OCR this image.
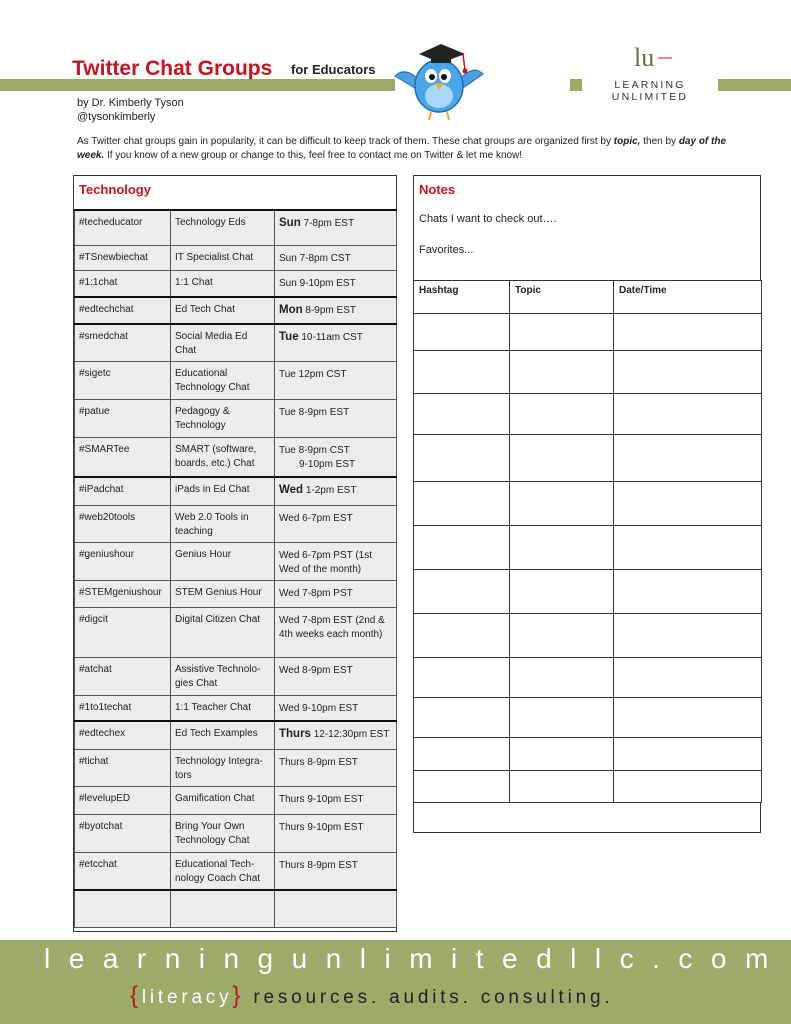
Twitter Chat Groups for Educators	lu
LEARNING UNLIMITED
by Dr. Kimberly Tyson
@tysonkimberly
As Twitter chat groups gain in popularity, it can be difficult to keep track of them. These chat groups are organized first by topic, then by day of the week. If you know of a new group or change to this, feel free to contact me on Twitter & let me know!
Technology
#techeducator	Technology Eds	Sun 7-8pm EST
#TSnewbiechat	IT Specialist Chat	Sun 7-8pm CST
#1:1chat	1:1 Chat	Sun 9-10pm EST
#edtechchat	Ed Tech Chat	Mon 8-9pm EST
#smedchat	Social Media Ed Chat	Tue 10-11am CST
#sigetc	Educational Technology Chat	Tue 12pm CST
#patue	Pedagogy & Technology	Tue 8-9pm EST
#SMARTee	SMART (software, boards, etc.) Chat	Tue 8-9pm CST
9-10pm EST

#iPadchat	iPads in Ed Chat	Wed 1-2pm EST
#web20tools	Web 2.0 Tools in teaching	Wed 6-7pm EST
#geniushour	Genius Hour	Wed 6-7pm PST (1st Wed of the month)
#STEMgeniushour	STEM Genius Hour	Wed 7-8pm PST
#digcit	Digital Citizen Chat	Wed 7-8pm EST (2nd & 4th weeks each month)
#atchat	Assistive Technolo-gies Chat	Wed 8-9pm EST
#1to1techat	1:1 Teacher Chat	Wed 9-10pm EST
#edtechex	Ed Tech Examples	Thurs 12-12:30pm EST
#tichat	Technology Integra-tors	Thurs 8-9pm EST
#levelupED	Gamification Chat	Thurs 9-10pm EST
#byotchat	Bring Your Own Technology Chat	Thurs 9-10pm EST
#etcchat	Educational Tech-nology Coach Chat	Thurs 8-9pm EST

Notes
Chats I want to check out….
Favorites...
Hashtag	Topic	Date/Time

learningunlimitedllc.com
{literacy} resources. audits. consulting.
